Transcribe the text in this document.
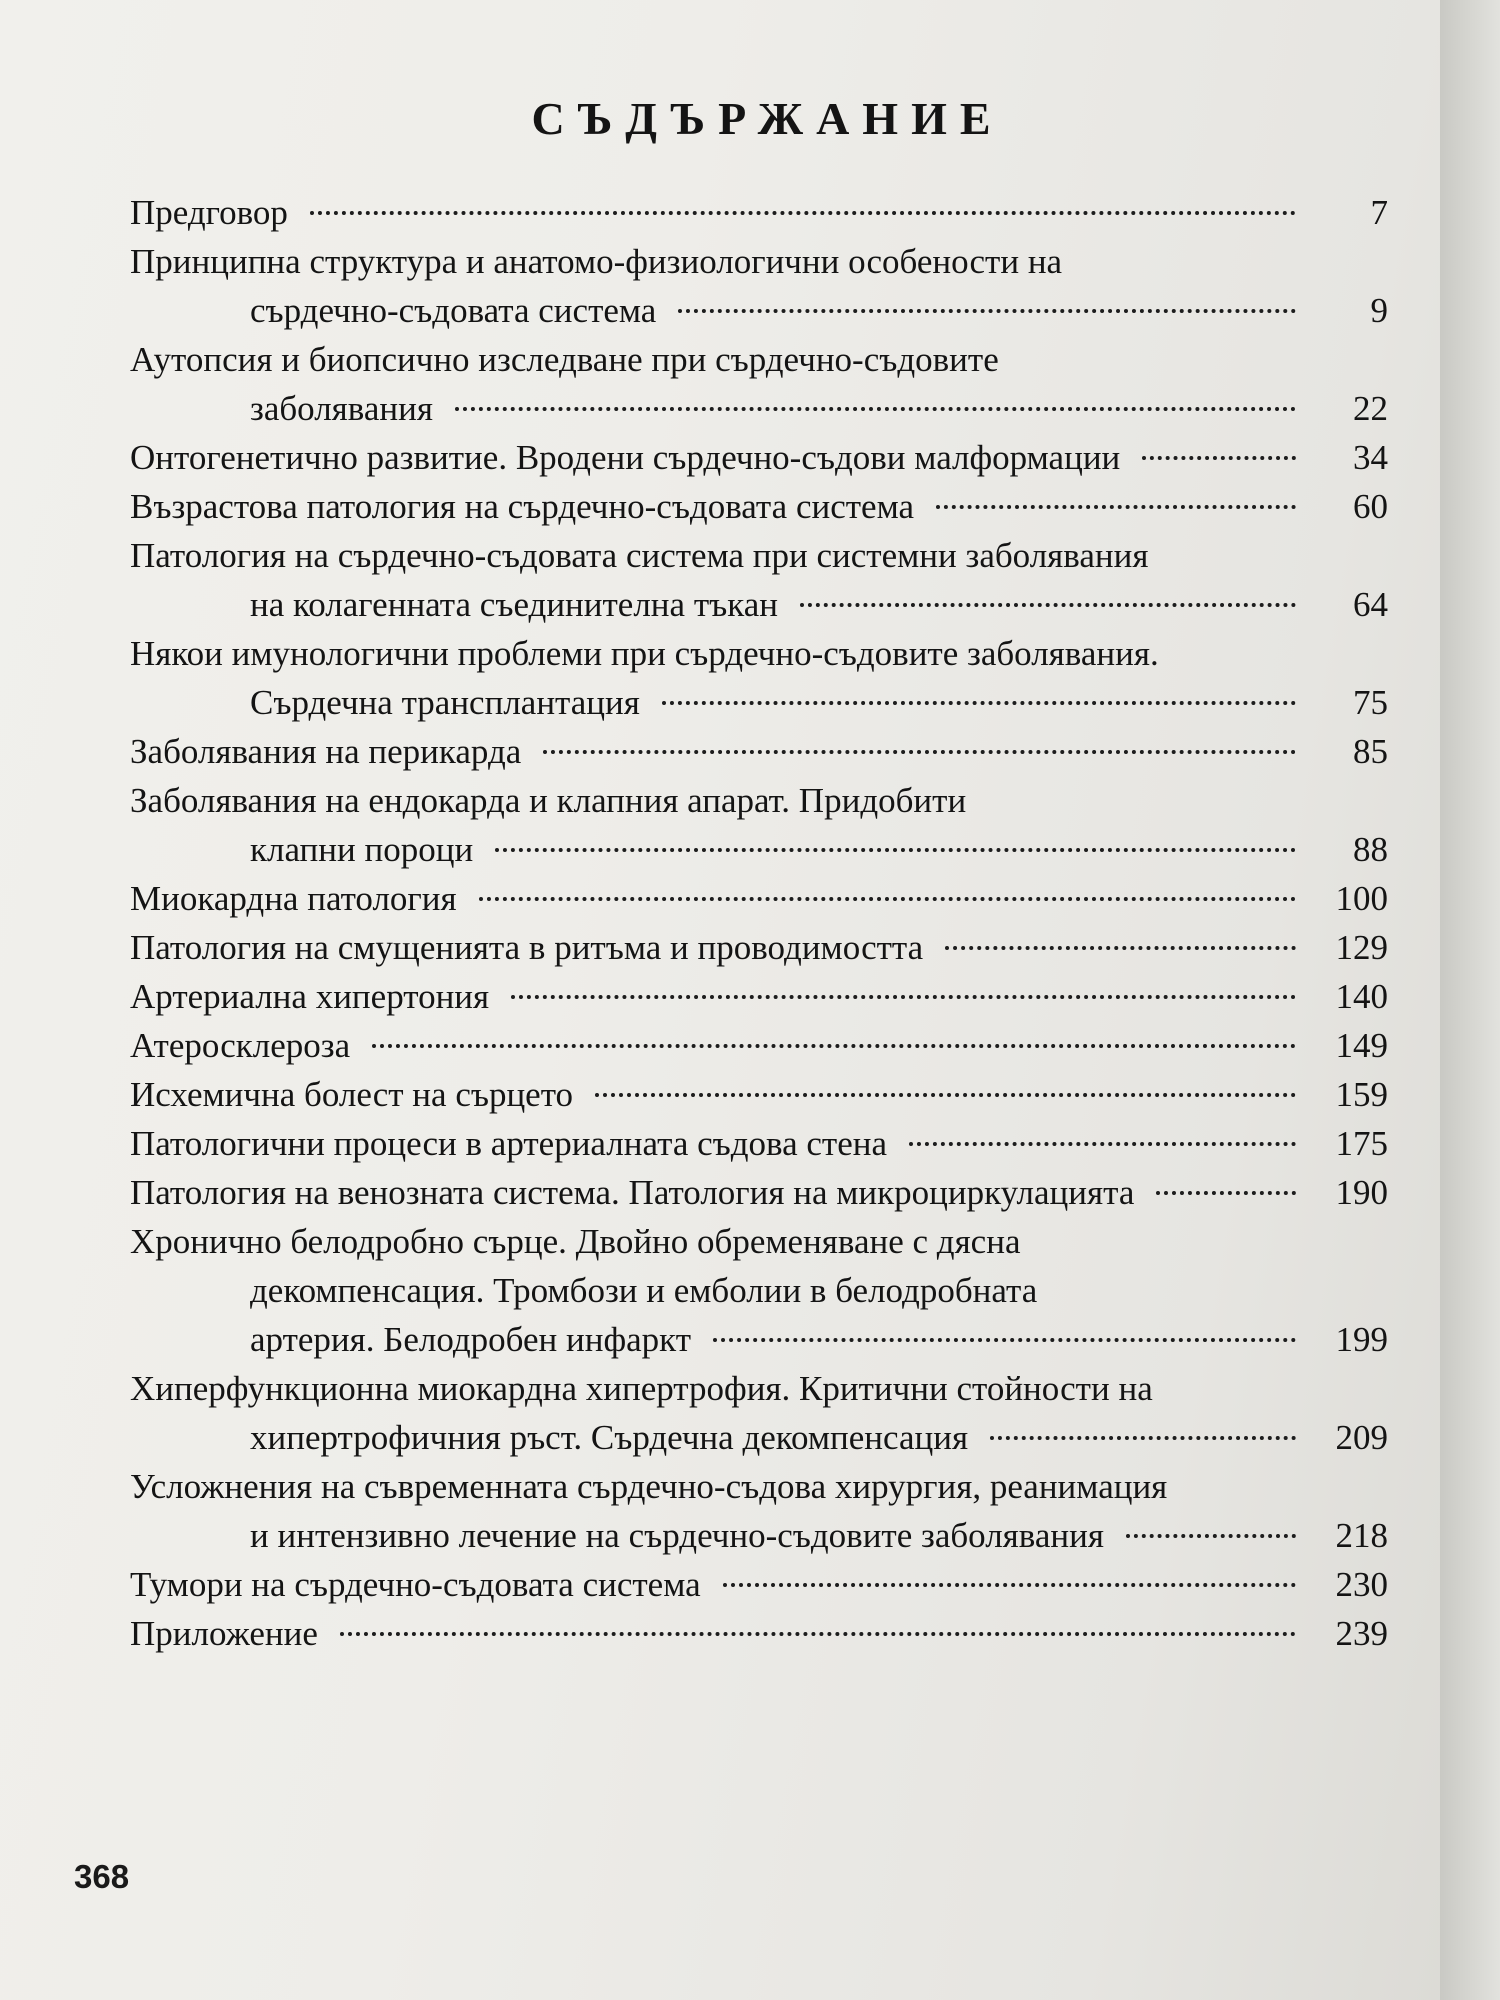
СЪДЪРЖАНИЕ
Предговор	7
Принципна структура и анатомо-физиологични особености на
сърдечно-съдовата система	9
Аутопсия и биопсично изследване при сърдечно-съдовите
заболявания	22
Онтогенетично развитие. Вродени сърдечно-съдови малформации	34
Възрастова патология на сърдечно-съдовата система	60
Патология на сърдечно-съдовата система при системни заболявания
на колагенната съединителна тъкан	64
Някои имунологични проблеми при сърдечно-съдовите заболявания.
Сърдечна трансплантация	75
Заболявания на перикарда	85
Заболявания на ендокарда и клапния апарат. Придобити
клапни пороци	88
Миокардна патология	100
Патология на смущенията в ритъма и проводимостта	129
Артериална хипертония	140
Атеросклероза	149
Исхемична болест на сърцето	159
Патологични процеси в артериалната съдова стена	175
Патология на венозната система. Патология на микроциркулацията	190
Хронично белодробно сърце. Двойно обременяване с дясна
декомпенсация. Тромбози и емболии в белодробната
артерия. Белодробен инфаркт	199
Хиперфункционна миокардна хипертрофия. Критични стойности на
хипертрофичния ръст. Сърдечна декомпенсация	209
Усложнения на съвременната сърдечно-съдова хирургия, реанимация
и интензивно лечение на сърдечно-съдовите заболявания	218
Тумори на сърдечно-съдовата система	230
Приложение	239
368
